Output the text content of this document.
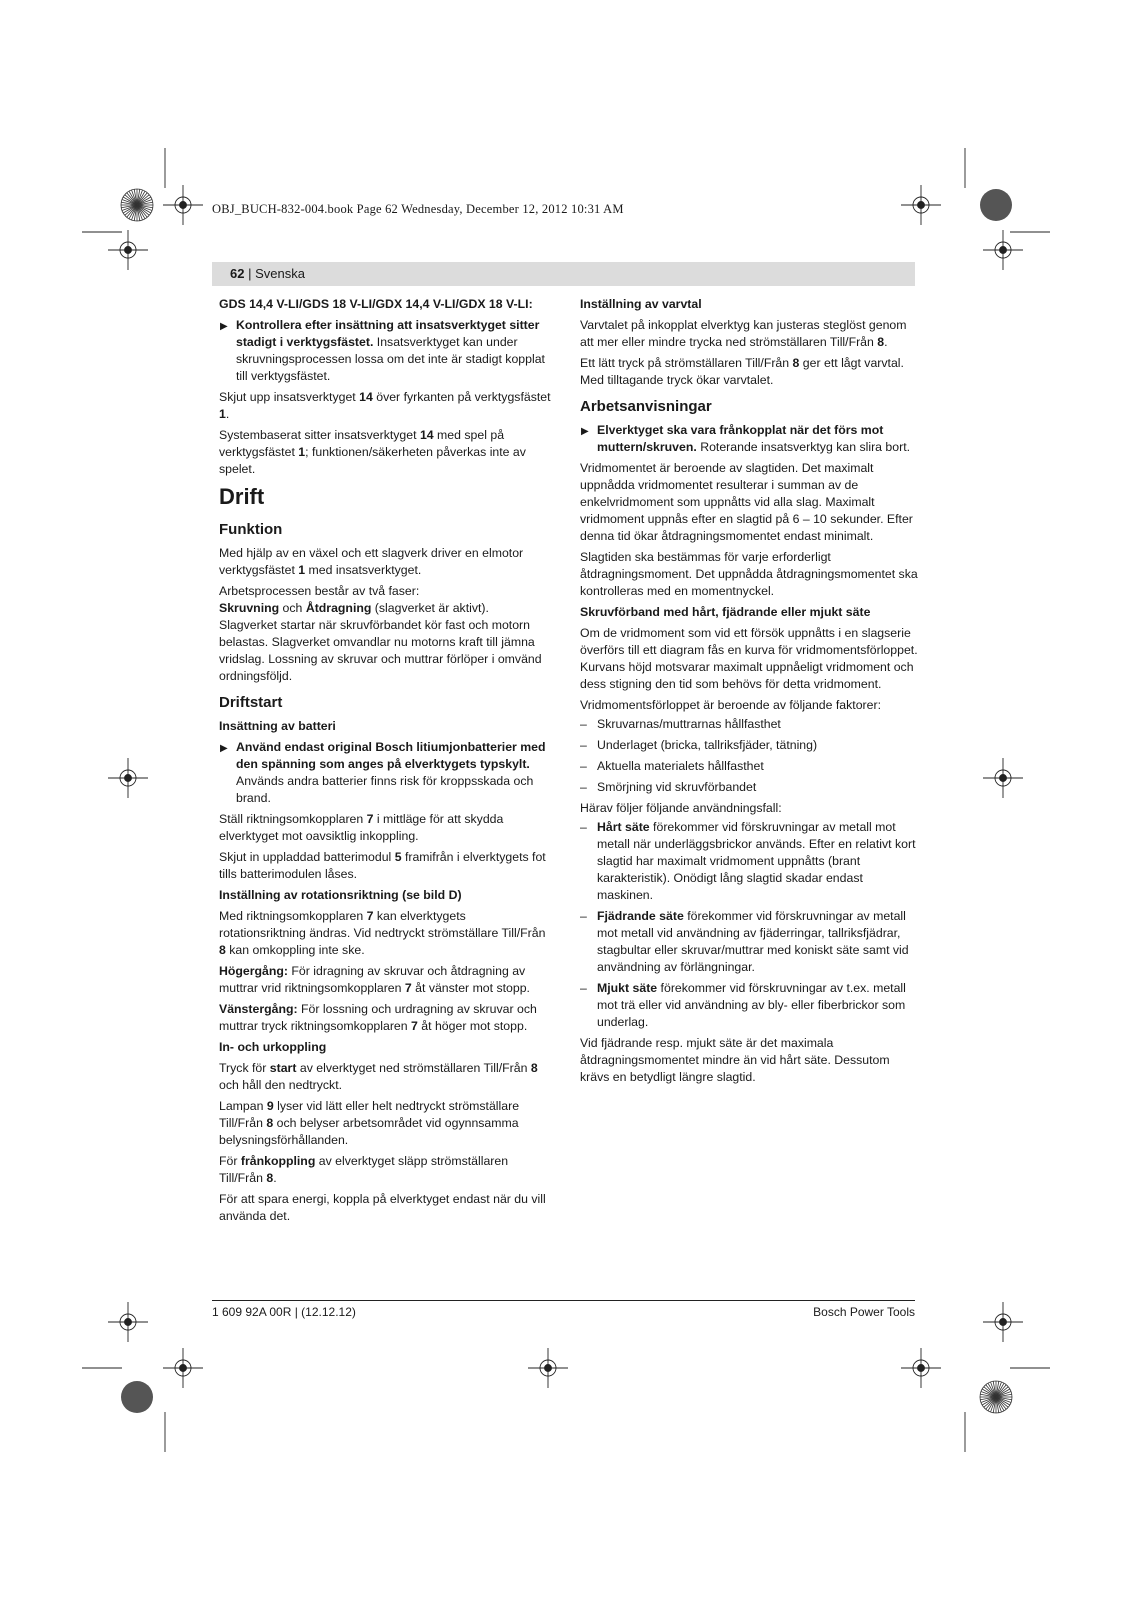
OBJ_BUCH-832-004.book Page 62 Wednesday, December 12, 2012 10:31 AM
62 | Svenska

GDS 14,4 V-LI/GDS 18 V-LI/GDX 14,4 V-LI/GDX 18 V-LI:

▶ Kontrollera efter insättning att insatsverktyget sitter stadigt i verktygsfästet. Insatsverktyget kan under skruvningsprocessen lossa om det inte är stadigt kopplat till verktygsfästet.

Skjut upp insatsverktyget 14 över fyrkanten på verktygsfästet 1.

Systembaserat sitter insatsverktyget 14 med spel på verktygsfästet 1; funktionen/säkerheten påverkas inte av spelet.

Drift
Funktion

Med hjälp av en växel och ett slagverk driver en elmotor verktygsfästet 1 med insatsverktyget.

Arbetsprocessen består av två faser:
Skruvning och Åtdragning (slagverket är aktivt).

Slagverket startar när skruvförbandet kör fast och motorn belastas. Slagverket omvandlar nu motorns kraft till jämna vridslag. Lossning av skruvar och muttrar förlöper i omvänd ordningsföljd.

Driftstart

Insättning av batteri

▶ Använd endast original Bosch litiumjonbatterier med den spänning som anges på elverktygets typskylt. Används andra batterier finns risk för kroppsskada och brand.

Ställ riktningsomkopplaren 7 i mittläge för att skydda elverktyget mot oavsiktlig inkoppling.

Skjut in uppladdad batterimodul 5 framifrån i elverktygets fot tills batterimodulen låses.

Inställning av rotationsriktning (se bild D)

Med riktningsomkopplaren 7 kan elverktygets rotationsriktning ändras. Vid nedtryckt strömställare Till/Från 8 kan omkoppling inte ske.

Högergång: För idragning av skruvar och åtdragning av muttrar vrid riktningsomkopplaren 7 åt vänster mot stopp.

Vänstergång: För lossning och urdragning av skruvar och muttrar tryck riktningsomkopplaren 7 åt höger mot stopp.

In- och urkoppling

Tryck för start av elverktyget ned strömställaren Till/Från 8 och håll den nedtryckt.

Lampan 9 lyser vid lätt eller helt nedtryckt strömställare Till/Från 8 och belyser arbetsområdet vid ogynnsamma belysningsförhållanden.

För frånkoppling av elverktyget släpp strömställaren Till/Från 8.

För att spara energi, koppla på elverktyget endast när du vill använda det.

Inställning av varvtal

Varvtalet på inkopplat elverktyg kan justeras steglöst genom att mer eller mindre trycka ned strömställaren Till/Från 8.

Ett lätt tryck på strömställaren Till/Från 8 ger ett lågt varvtal. Med tilltagande tryck ökar varvtalet.

Arbetsanvisningar

▶ Elverktyget ska vara frånkopplat när det förs mot muttern/skruven. Roterande insatsverktyg kan slira bort.

Vridmomentet är beroende av slagtiden. Det maximalt uppnådda vridmomentet resulterar i summan av de enkelvridmoment som uppnåtts vid alla slag. Maximalt vridmoment uppnås efter en slagtid på 6 – 10 sekunder. Efter denna tid ökar åtdragningsmomentet endast minimalt.

Slagtiden ska bestämmas för varje erforderligt åtdragningsmoment. Det uppnådda åtdragningsmomentet ska kontrolleras med en momentnyckel.

Skruvförband med hårt, fjädrande eller mjukt säte

Om de vridmoment som vid ett försök uppnåtts i en slagserie överförs till ett diagram fås en kurva för vridmomentsförloppet. Kurvans höjd motsvarar maximalt uppnåeligt vridmoment och dess stigning den tid som behövs för detta vridmoment.

Vridmomentsförloppet är beroende av följande faktorer:

– Skruvarnas/muttrarnas hållfasthet

– Underlaget (bricka, tallriksfjäder, tätning)

– Aktuella materialets hållfasthet

– Smörjning vid skruvförbandet

Härav följer följande användningsfall:

– Hårt säte förekommer vid förskruvningar av metall mot metall när underläggsbrickor används. Efter en relativt kort slagtid har maximalt vridmoment uppnåtts (brant karakteristik). Onödigt lång slagtid skadar endast maskinen.

– Fjädrande säte förekommer vid förskruvningar av metall mot metall vid användning av fjäderringar, tallriksfjädrar, stagbultar eller skruvar/muttrar med koniskt säte samt vid användning av förlängningar.

– Mjukt säte förekommer vid förskruvningar av t.ex. metall mot trä eller vid användning av bly- eller fiberbrickor som underlag.

Vid fjädrande resp. mjukt säte är det maximala åtdragningsmomentet mindre än vid hårt säte. Dessutom krävs en betydligt längre slagtid.

1 609 92A 00R | (12.12.12)	Bosch Power Tools
